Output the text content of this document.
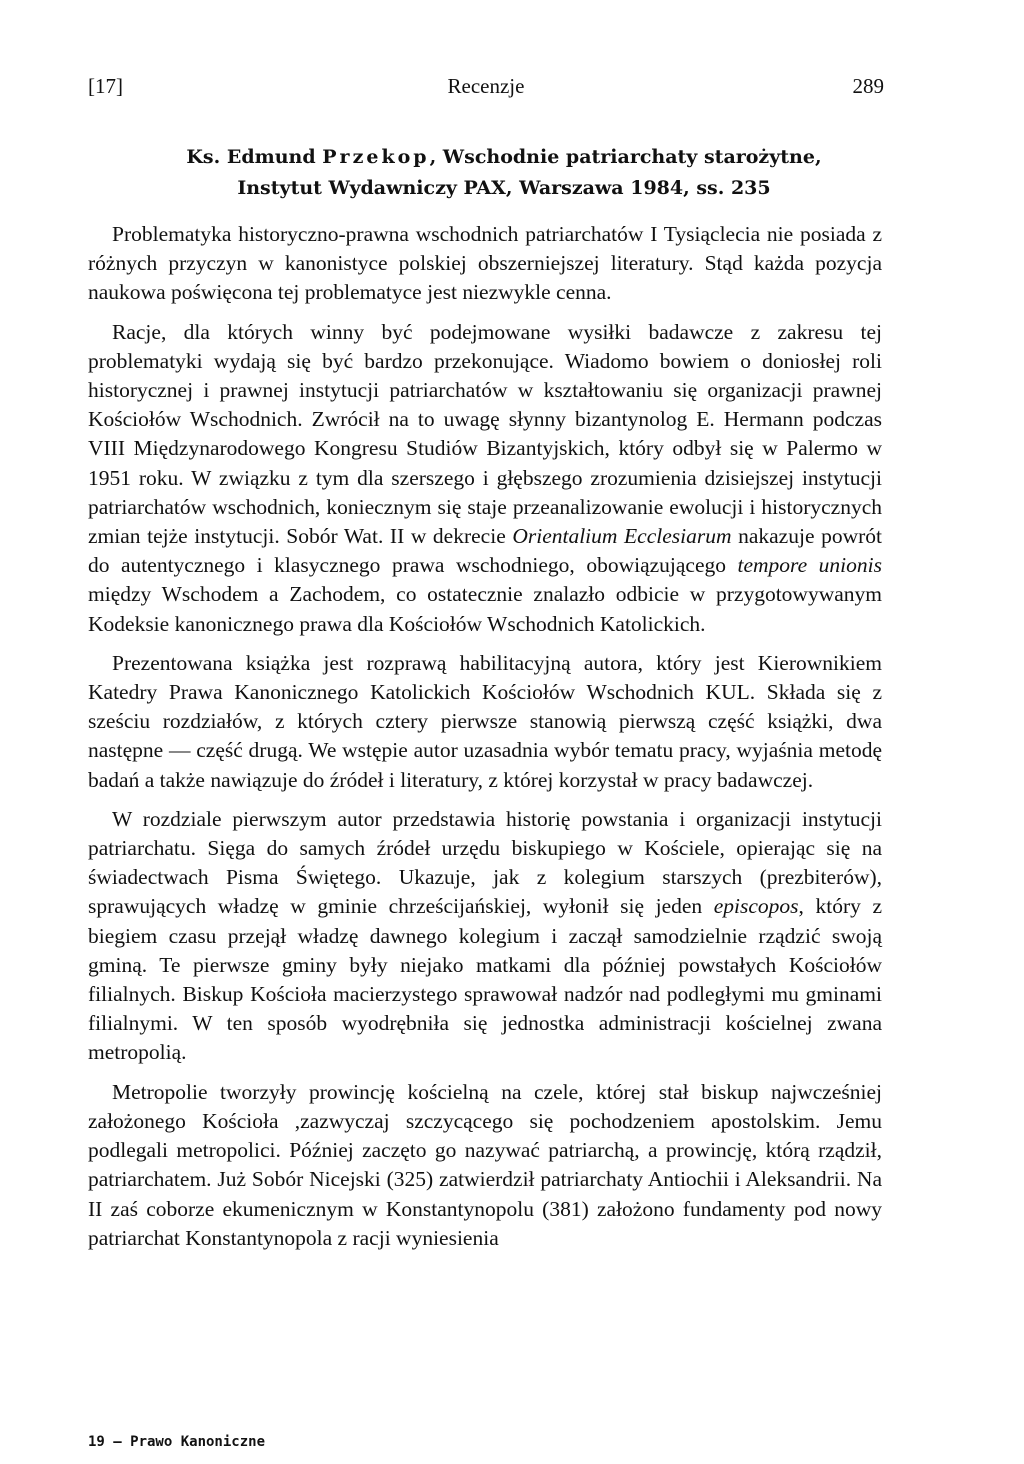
[17]	Recenzje	289
Ks. Edmund Przekop, Wschodnie patriarchaty starożytne,
Instytut Wydawniczy PAX, Warszawa 1984, ss. 235

Problematyka historyczno-prawna wschodnich patriarchatów I Tysiąclecia nie posiada z różnych przyczyn w kanonistyce polskiej obszerniejszej literatury. Stąd każda pozycja naukowa poświęcona tej problematyce jest niezwykle cenna.

Racje, dla których winny być podejmowane wysiłki badawcze z zakresu tej problematyki wydają się być bardzo przekonujące. Wiadomo bowiem o doniosłej roli historycznej i prawnej instytucji patriarchatów w kształtowaniu się organizacji prawnej Kościołów Wschodnich. Zwrócił na to uwagę słynny bizantynolog E. Hermann podczas VIII Międzynarodowego Kongresu Studiów Bizantyjskich, który odbył się w Palermo w 1951 roku. W związku z tym dla szerszego i głębszego zrozumienia dzisiejszej instytucji patriarchatów wschodnich, koniecznym się staje przeanalizowanie ewolucji i historycznych zmian tejże instytucji. Sobór Wat. II w dekrecie Orientalium Ecclesiarum nakazuje powrót do autentycznego i klasycznego prawa wschodniego, obowiązującego tempore unionis między Wschodem a Zachodem, co ostatecznie znalazło odbicie w przygotowywanym Kodeksie kanonicznego prawa dla Kościołów Wschodnich Katolickich.

Prezentowana książka jest rozprawą habilitacyjną autora, który jest Kierownikiem Katedry Prawa Kanonicznego Katolickich Kościołów Wschodnich KUL. Składa się z sześciu rozdziałów, z których cztery pierwsze stanowią pierwszą część książki, dwa następne — część drugą. We wstępie autor uzasadnia wybór tematu pracy, wyjaśnia metodę badań a także nawiązuje do źródeł i literatury, z której korzystał w pracy badawczej.

W rozdziale pierwszym autor przedstawia historię powstania i organizacji instytucji patriarchatu. Sięga do samych źródeł urzędu biskupiego w Kościele, opierając się na świadectwach Pisma Świętego. Ukazuje, jak z kolegium starszych (prezbiterów), sprawujących władzę w gminie chrześcijańskiej, wyłonił się jeden episcopos, który z biegiem czasu przejął władzę dawnego kolegium i zaczął samodzielnie rządzić swoją gminą. Te pierwsze gminy były niejako matkami dla później powstałych Kościołów filialnych. Biskup Kościoła macierzystego sprawował nadzór nad podległymi mu gminami filialnymi. W ten sposób wyodrębniła się jednostka administracji kościelnej zwana metropolią.

Metropolie tworzyły prowincję kościelną na czele, której stał biskup najwcześniej założonego Kościoła ,zazwyczaj szczycącego się pochodzeniem apostolskim. Jemu podlegali metropolici. Później zaczęto go nazywać patriarchą, a prowincję, którą rządził, patriarchatem. Już Sobór Nicejski (325) zatwierdził patriarchaty Antiochii i Aleksandrii. Na II zaś coborze ekumenicznym w Konstantynopolu (381) założono fundamenty pod nowy patriarchat Konstantynopola z racji wyniesienia

19 — Prawo Kanoniczne
